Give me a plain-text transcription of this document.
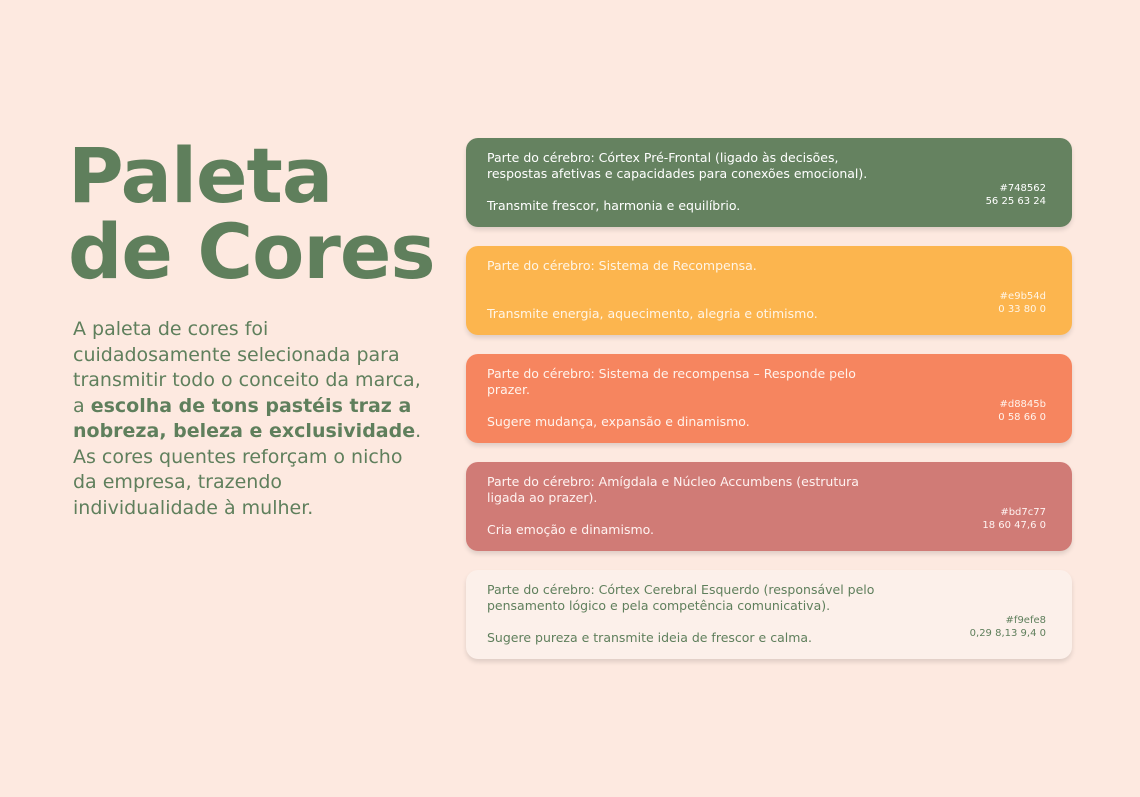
Paleta
de Cores

A paleta de cores foi cuidadosamente selecionada para transmitir todo o conceito da marca, a escolha de tons pastéis traz a nobreza, beleza e exclusividade. As cores quentes reforçam o nicho da empresa, trazendo individualidade à mulher.

Parte do cérebro: Córtex Pré-Frontal (ligado às decisões, respostas afetivas e capacidades para conexões emocional).
Transmite frescor, harmonia e equilíbrio.
#748562
56 25 63 24
Parte do cérebro: Sistema de Recompensa.
Transmite energia, aquecimento, alegria e otimismo.
#e9b54d
0 33 80 0
Parte do cérebro: Sistema de recompensa – Responde pelo prazer.
Sugere mudança, expansão e dinamismo.
#d8845b
0 58 66 0
Parte do cérebro: Amígdala e Núcleo Accumbens (estrutura ligada ao prazer).
Cria emoção e dinamismo.
#bd7c77
18 60 47,6 0
Parte do cérebro: Córtex Cerebral Esquerdo (responsável pelo pensamento lógico e pela competência comunicativa).
Sugere pureza e transmite ideia de frescor e calma.
#f9efe8
0,29 8,13 9,4 0
